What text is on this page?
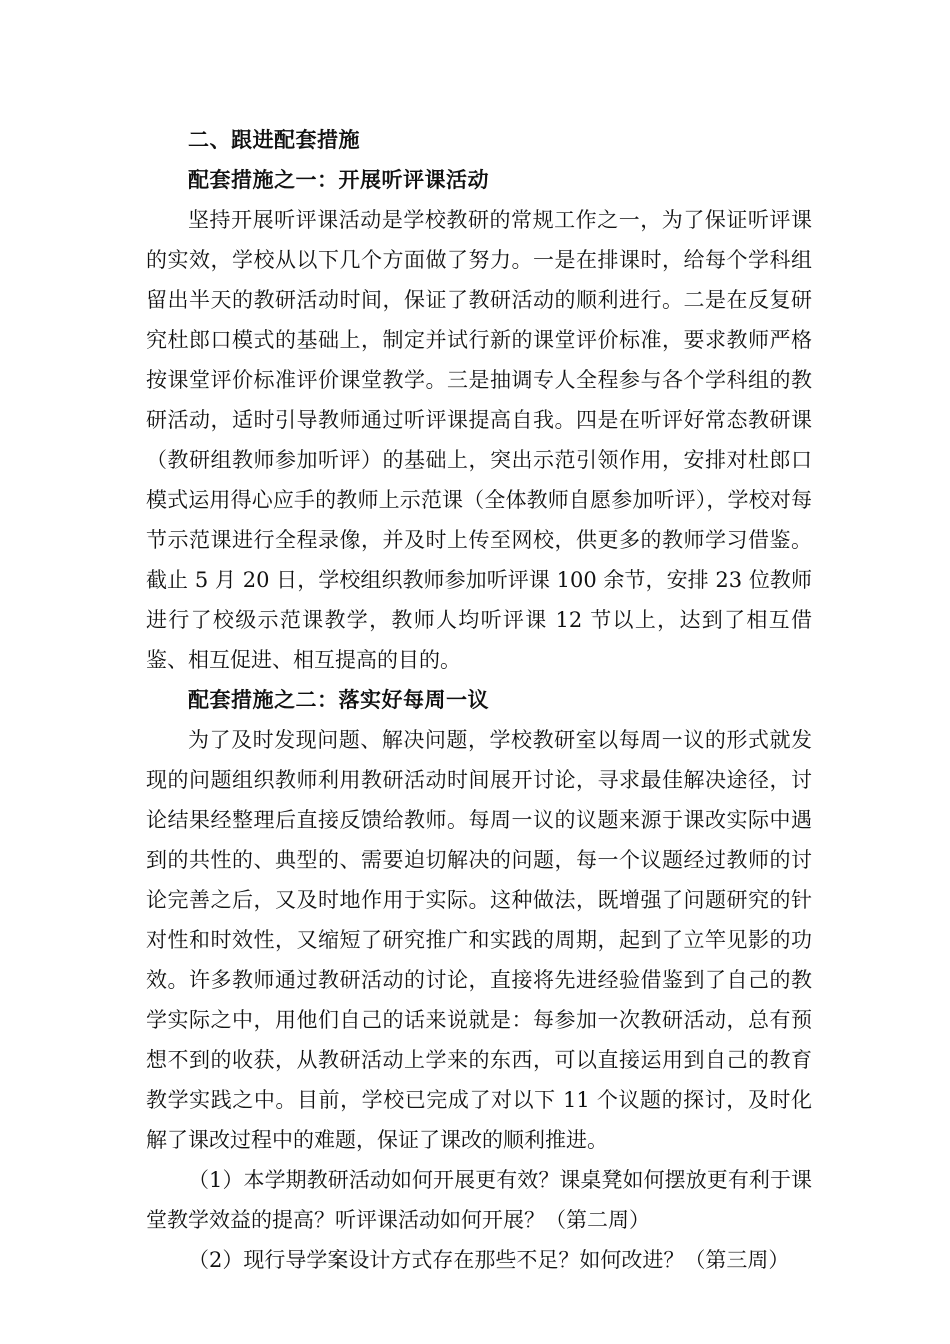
二、跟进配套措施

配套措施之一：开展听评课活动

坚持开展听评课活动是学校教研的常规工作之一，为了保证听评课的实效，学校从以下几个方面做了努力。一是在排课时，给每个学科组留出半天的教研活动时间，保证了教研活动的顺利进行。二是在反复研究杜郎口模式的基础上，制定并试行新的课堂评价标准，要求教师严格按课堂评价标准评价课堂教学。三是抽调专人全程参与各个学科组的教研活动，适时引导教师通过听评课提高自我。四是在听评好常态教研课（教研组教师参加听评）的基础上，突出示范引领作用，安排对杜郎口模式运用得心应手的教师上示范课（全体教师自愿参加听评），学校对每节示范课进行全程录像，并及时上传至网校，供更多的教师学习借鉴。截止 5 月 20 日，学校组织教师参加听评课 100 余节，安排 23 位教师进行了校级示范课教学，教师人均听评课 12 节以上，达到了相互借鉴、相互促进、相互提高的目的。

配套措施之二：落实好每周一议

为了及时发现问题、解决问题，学校教研室以每周一议的形式就发现的问题组织教师利用教研活动时间展开讨论，寻求最佳解决途径，讨论结果经整理后直接反馈给教师。每周一议的议题来源于课改实际中遇到的共性的、典型的、需要迫切解决的问题，每一个议题经过教师的讨论完善之后，又及时地作用于实际。这种做法，既增强了问题研究的针对性和时效性，又缩短了研究推广和实践的周期，起到了立竿见影的功效。许多教师通过教研活动的讨论，直接将先进经验借鉴到了自己的教学实际之中，用他们自己的话来说就是：每参加一次教研活动，总有预想不到的收获，从教研活动上学来的东西，可以直接运用到自己的教育教学实践之中。目前，学校已完成了对以下 11 个议题的探讨，及时化解了课改过程中的难题，保证了课改的顺利推进。

（1）本学期教研活动如何开展更有效？课桌凳如何摆放更有利于课堂教学效益的提高？听评课活动如何开展？（第二周）

（2）现行导学案设计方式存在那些不足？如何改进？（第三周）
